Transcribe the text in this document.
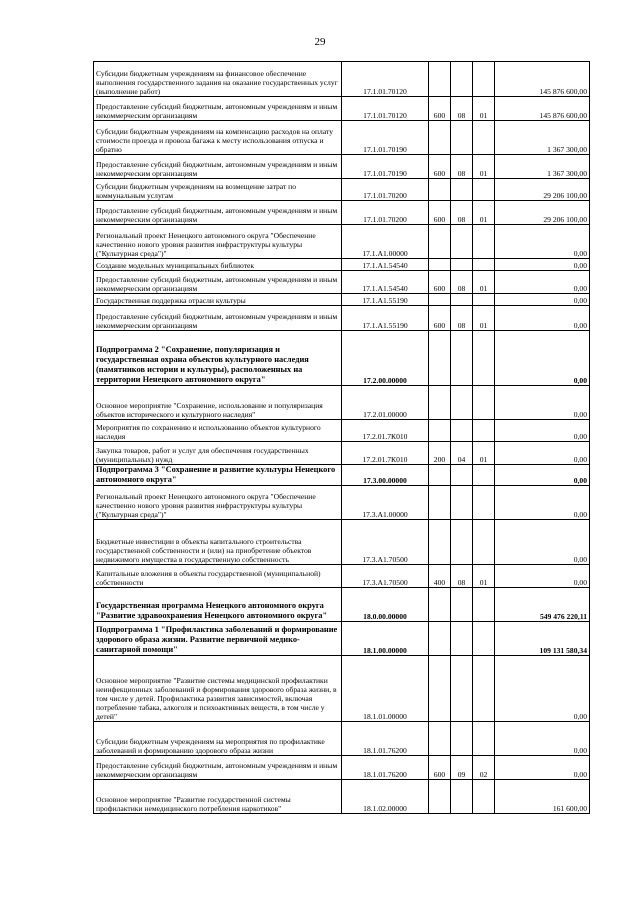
29
Субсидии бюджетным учреждениям на финансовое обеспечение выполнения государственного задания на оказание государственных услуг (выполнение работ)	17.1.01.70120				145 876 600,00
Предоставление субсидий бюджетным, автономным учреждениям и иным некоммерческим организациям	17.1.01.70120	600	08	01	145 876 600,00
Субсидии бюджетным учреждениям на компенсацию расходов на оплату стоимости проезда и провоза багажа к месту использования отпуска и обратно	17.1.01.70190				1 367 300,00
Предоставление субсидий бюджетным, автономным учреждениям и иным некоммерческим организациям	17.1.01.70190	600	08	01	1 367 300,00
Субсидии бюджетным учреждениям на возмещение затрат по коммунальным услугам	17.1.01.70200				29 206 100,00
Предоставление субсидий бюджетным, автономным учреждениям и иным некоммерческим организациям	17.1.01.70200	600	08	01	29 206 100,00
Региональный проект Ненецкого автономного округа "Обеспечение качественно нового уровня развития инфраструктуры культуры ("Культурная среда")"	17.1.A1.00000				0,00
Создание модельных муниципальных библиотек	17.1.A1.54540				0,00
Предоставление субсидий бюджетным, автономным учреждениям и иным некоммерческим организациям	17.1.A1.54540	600	08	01	0,00
Государственная поддержка отрасли культуры	17.1.A1.55190				0,00
Предоставление субсидий бюджетным, автономным учреждениям и иным некоммерческим организациям	17.1.A1.55190	600	08	01	0,00
Подпрограмма 2 "Сохранение, популяризация и государственная охрана объектов культурного наследия (памятников истории и культуры), расположенных на территории Ненецкого автономного округа"	17.2.00.00000				0,00
Основное мероприятие "Сохранение, использование и популяризация объектов исторического и культурного наследия"	17.2.01.00000				0,00
Мероприятия по сохранению и использованию объектов культурного наследия	17.2.01.7К010				0,00
Закупка товаров, работ и услуг для обеспечения государственных (муниципальных) нужд	17.2.01.7К010	200	04	01	0,00
Подпрограмма 3 "Сохранение и развитие культуры Ненецкого автономного округа"	17.3.00.00000				0,00
Региональный проект Ненецкого автономного округа "Обеспечение качественно нового уровня развития инфраструктуры культуры ("Культурная среда")"	17.3.A1.00000				0,00
Бюджетные инвестиции в объекты капитального строительства государственной собственности и (или) на приобретение объектов недвижимого имущества в государственную собственность	17.3.A1.70500				0,00
Капитальные вложения в объекты государственной (муниципальной) собственности	17.3.A1.70500	400	08	01	0,00
Государственная программа Ненецкого автономного округа "Развитие здравоохранения Ненецкого автономного округа"	18.0.00.00000				549 476 220,11
Подпрограмма 1 "Профилактика заболеваний и формирование здорового образа жизни. Развитие первичной медико-санитарной помощи"	18.1.00.00000				109 131 580,34
Основное мероприятие "Развитие системы медицинской профилактики неинфекционных заболеваний и формирования здорового образа жизни, в том числе у детей. Профилактика развития зависимостей, включая потребление табака, алкоголя и психоактивных веществ, в том числе у детей"	18.1.01.00000				0,00
Субсидии бюджетным учреждениям на мероприятия по профилактике заболеваний и формированию здорового образа жизни	18.1.01.76200				0,00
Предоставление субсидий бюджетным, автономным учреждениям и иным некоммерческим организациям	18.1.01.76200	600	09	02	0,00
Основное мероприятие "Развитие государственной системы профилактики немедицинского потребления наркотиков"	18.1.02.00000				161 600,00
